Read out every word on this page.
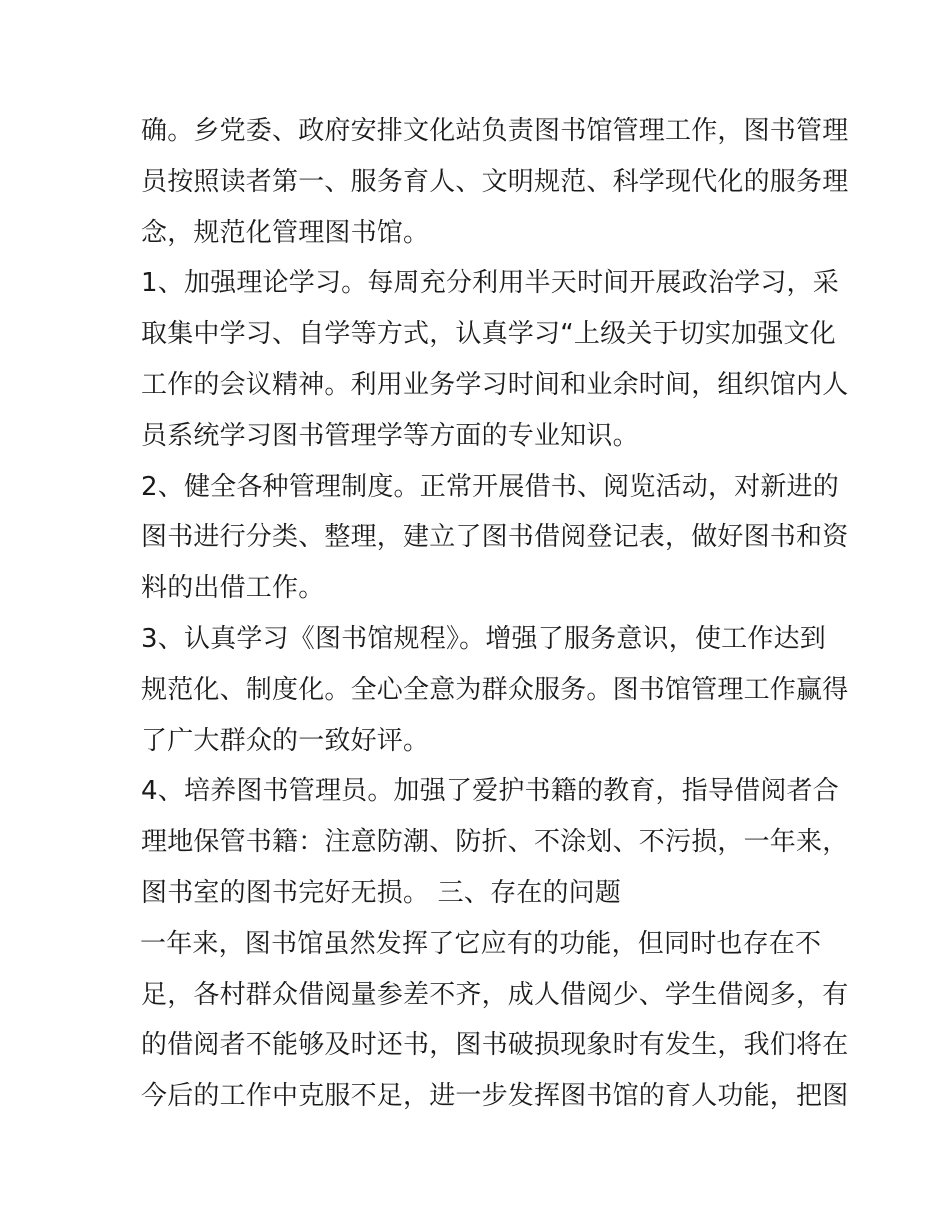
确。乡党委、政府安排文化站负责图书馆管理工作，图书管理
员按照读者第一、服务育人、文明规范、科学现代化的服务理
念，规范化管理图书馆。
1、加强理论学习。每周充分利用半天时间开展政治学习，采
取集中学习、自学等方式，认真学习“上级关于切实加强文化
工作的会议精神。利用业务学习时间和业余时间，组织馆内人
员系统学习图书管理学等方面的专业知识。
2、健全各种管理制度。正常开展借书、阅览活动，对新进的
图书进行分类、整理，建立了图书借阅登记表，做好图书和资
料的出借工作。
3、认真学习《图书馆规程》。增强了服务意识，使工作达到
规范化、制度化。全心全意为群众服务。图书馆管理工作赢得
了广大群众的一致好评。
4、培养图书管理员。加强了爱护书籍的教育，指导借阅者合
理地保管书籍：注意防潮、防折、不涂划、不污损，一年来，
图书室的图书完好无损。 三、存在的问题
一年来，图书馆虽然发挥了它应有的功能，但同时也存在不
足，各村群众借阅量参差不齐，成人借阅少、学生借阅多，有
的借阅者不能够及时还书，图书破损现象时有发生，我们将在
今后的工作中克服不足，进一步发挥图书馆的育人功能，把图
